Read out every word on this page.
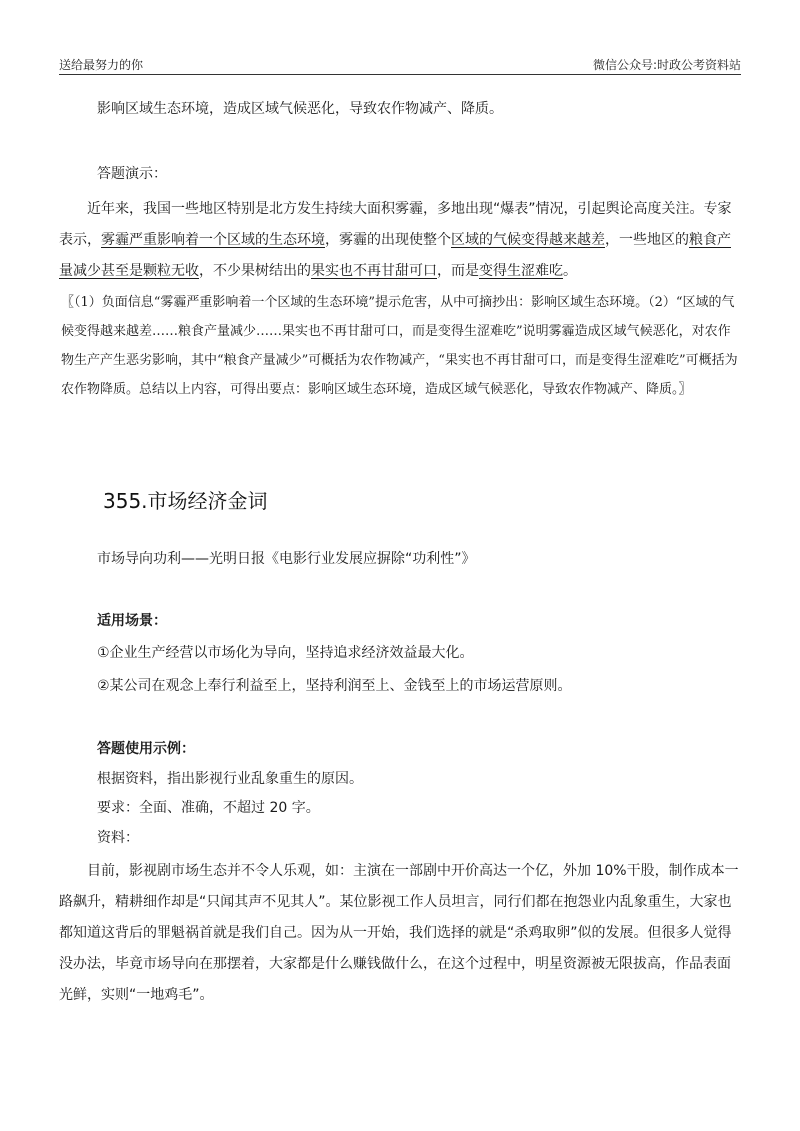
送给最努力的你	微信公众号:时政公考资料站
影响区域生态环境，造成区域气候恶化，导致农作物减产、降质。
答题演示：
近年来，我国一些地区特别是北方发生持续大面积雾霾，多地出现“爆表”情况，引起舆论高度关注。专家表示，雾霾严重影响着一个区域的生态环境，雾霾的出现使整个区域的气候变得越来越差，一些地区的粮食产量减少甚至是颗粒无收，不少果树结出的果实也不再甘甜可口，而是变得生涩难吃。
〖（1）负面信息“雾霾严重影响着一个区域的生态环境”提示危害，从中可摘抄出：影响区域生态环境。（2）“区域的气候变得越来越差……粮食产量减少……果实也不再甘甜可口，而是变得生涩难吃”说明雾霾造成区域气候恶化，对农作物生产产生恶劣影响，其中“粮食产量减少”可概括为农作物减产，“果实也不再甘甜可口，而是变得生涩难吃”可概括为农作物降质。总结以上内容，可得出要点：影响区域生态环境，造成区域气候恶化，导致农作物减产、降质。〗
355.市场经济金词
市场导向功利——光明日报《电影行业发展应摒除“功利性”》
适用场景：
①企业生产经营以市场化为导向，坚持追求经济效益最大化。
②某公司在观念上奉行利益至上，坚持利润至上、金钱至上的市场运营原则。
答题使用示例：
根据资料，指出影视行业乱象重生的原因。
要求：全面、准确，不超过 20 字。
资料：
目前，影视剧市场生态并不令人乐观，如：主演在一部剧中开价高达一个亿，外加 10%干股，制作成本一路飙升，精耕细作却是“只闻其声不见其人”。某位影视工作人员坦言，同行们都在抱怨业内乱象重生，大家也都知道这背后的罪魁祸首就是我们自己。因为从一开始，我们选择的就是“杀鸡取卵”似的发展。但很多人觉得没办法，毕竟市场导向在那摆着，大家都是什么赚钱做什么，在这个过程中，明星资源被无限拔高，作品表面光鲜，实则“一地鸡毛”。
